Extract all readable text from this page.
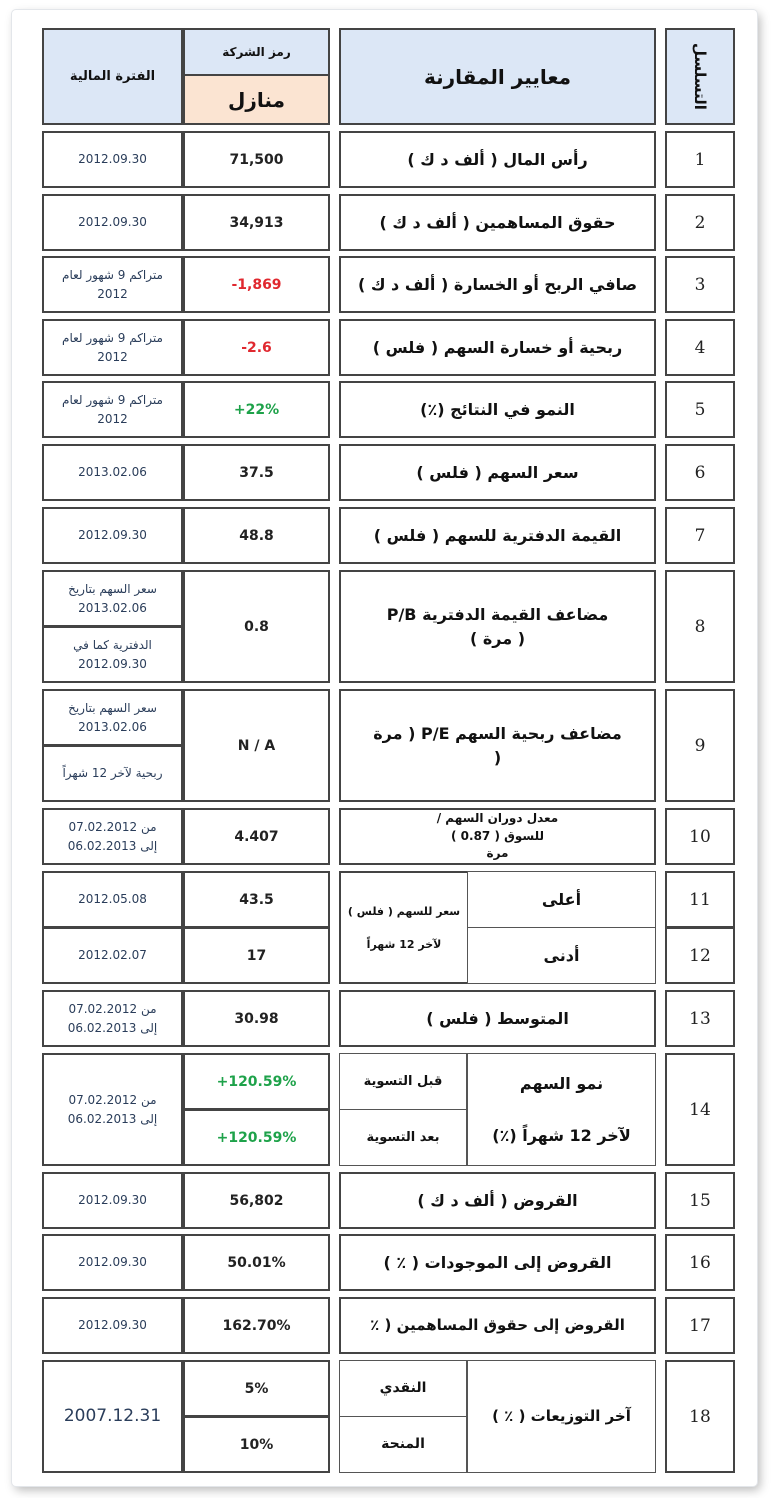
التسلسل
معايير المقارنة
رمز الشركة
منازل
الفترة المالية
1
رأس المال ( ألف د ك )
71,500
2012.09.30
2
حقوق المساهمين ( ألف د ك )
34,913
2012.09.30
3
صافي الربح أو الخسارة ( ألف د ك )
-1,869
متراكم 9 شهور لعام
2012
4
ربحية أو خسارة السهم ( فلس )
-2.6
متراكم 9 شهور لعام
2012
5
النمو في النتائج (٪)
+22%
متراكم 9 شهور لعام
2012
6
سعر السهم ( فلس )
37.5
2013.02.06
7
القيمة الدفترية للسهم ( فلس )
48.8
2012.09.30
8
مضاعف القيمة الدفترية P/B
( مرة )
0.8
سعر السهم بتاريخ
2013.02.06
الدفترية كما في
2012.09.30
9
مضاعف ربحية السهم P/E ( مرة
(
N / A
سعر السهم بتاريخ
2013.02.06
ربحية لآخر 12 شهراً
10
معدل دوران السهم /
للسوق ( 0.87 )
مرة
4.407
من 07.02.2012
إلى 06.02.2013
11
12
أعلى
أدنى
سعر للسهم ( فلس )
لآخر 12 شهراً
43.5
17
2012.05.08
2012.02.07
13
المتوسط ( فلس )
30.98
من 07.02.2012
إلى 06.02.2013
14
نمو السهم
لآخر 12 شهراً (٪)
قبل التسوية
بعد التسوية
+120.59%
+120.59%
من 07.02.2012
إلى 06.02.2013
15
القروض ( ألف د ك )
56,802
2012.09.30
16
القروض إلى الموجودات ( ٪ )
50.01%
2012.09.30
17
القروض إلى حقوق المساهمين ( ٪
162.70%
2012.09.30
18
آخر التوزيعات ( ٪ )
النقدي
المنحة
5%
10%
2007.12.31
